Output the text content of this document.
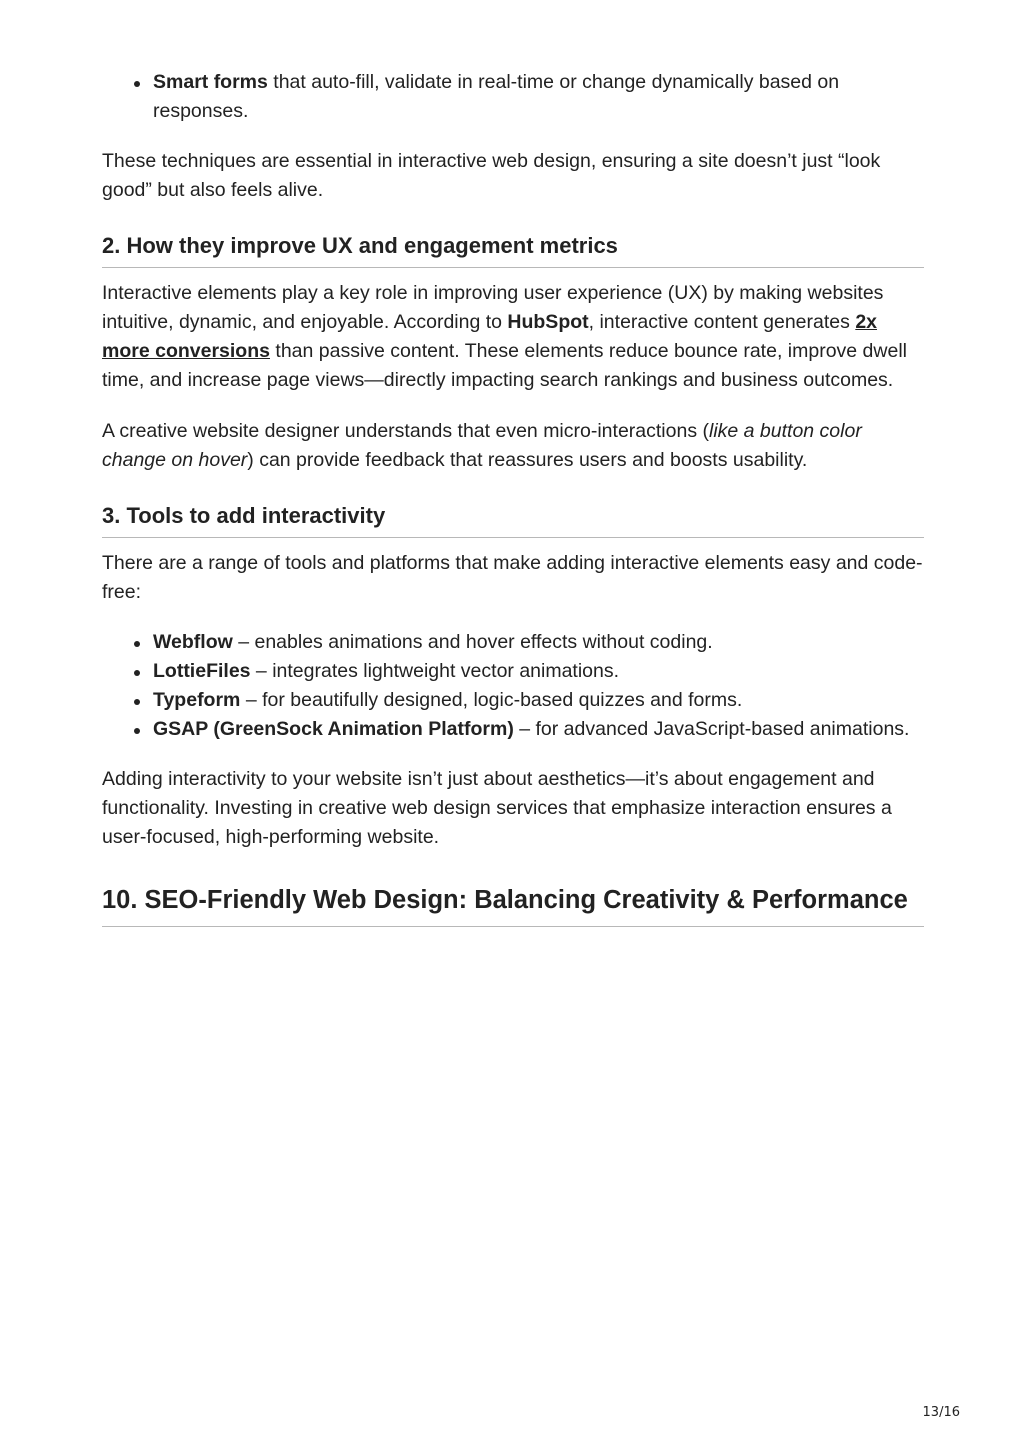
Smart forms that auto-fill, validate in real-time or change dynamically based on responses.

These techniques are essential in interactive web design, ensuring a site doesn’t just “look good” but also feels alive.

2. How they improve UX and engagement metrics

Interactive elements play a key role in improving user experience (UX) by making websites intuitive, dynamic, and enjoyable. According to HubSpot, interactive content generates 2x more conversions than passive content. These elements reduce bounce rate, improve dwell time, and increase page views—directly impacting search rankings and business outcomes.

A creative website designer understands that even micro-interactions (like a button color change on hover) can provide feedback that reassures users and boosts usability.

3. Tools to add interactivity

There are a range of tools and platforms that make adding interactive elements easy and code-free:

Webflow – enables animations and hover effects without coding.
LottieFiles – integrates lightweight vector animations.
Typeform – for beautifully designed, logic-based quizzes and forms.
GSAP (GreenSock Animation Platform) – for advanced JavaScript-based animations.

Adding interactivity to your website isn’t just about aesthetics—it’s about engagement and functionality. Investing in creative web design services that emphasize interaction ensures a user-focused, high-performing website.

10. SEO-Friendly Web Design: Balancing Creativity & Performance
13/16
